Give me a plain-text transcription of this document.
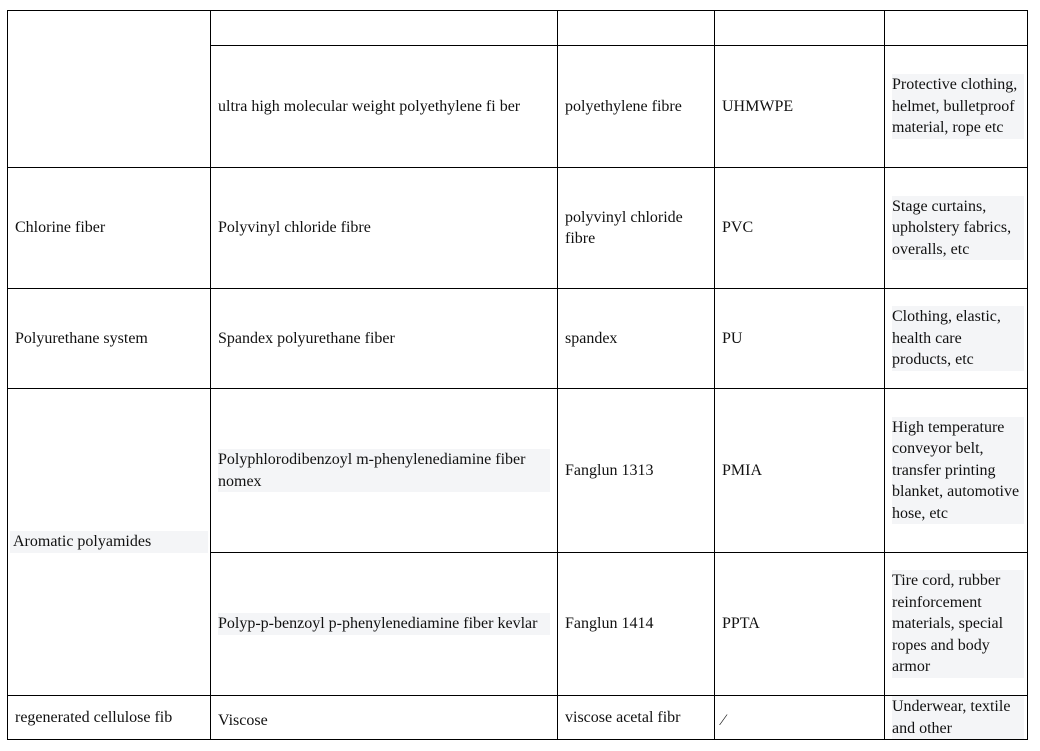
	ultra high molecular weight polyethylene fi ber	polyethylene fibre	UHMWPE	Protective clothing, helmet, bulletproof material, rope etc

Chlorine fiber	Polyvinyl chloride fibre	polyvinyl chloride fibre	PVC	Stage curtains, upholstery fabrics, overalls, etc

Polyurethane system	Spandex polyurethane fiber	spandex	PU	Clothing, elastic, health care products, etc

Aromatic polyamides	Polyphlorodibenzoyl m-phenylenediamine fiber nomex	Fanglun 1313	PMIA	High temperature conveyor belt, transfer printing blanket, automotive hose, etc

	Polyp-p-benzoyl p-phenylenediamine fiber kevlar	Fanglun 1414	PPTA	Tire cord, rubber reinforcement materials, special ropes and body armor

regenerated cellulose fib	Viscose	viscose acetal fibr	⁄	Underwear, textile and other
